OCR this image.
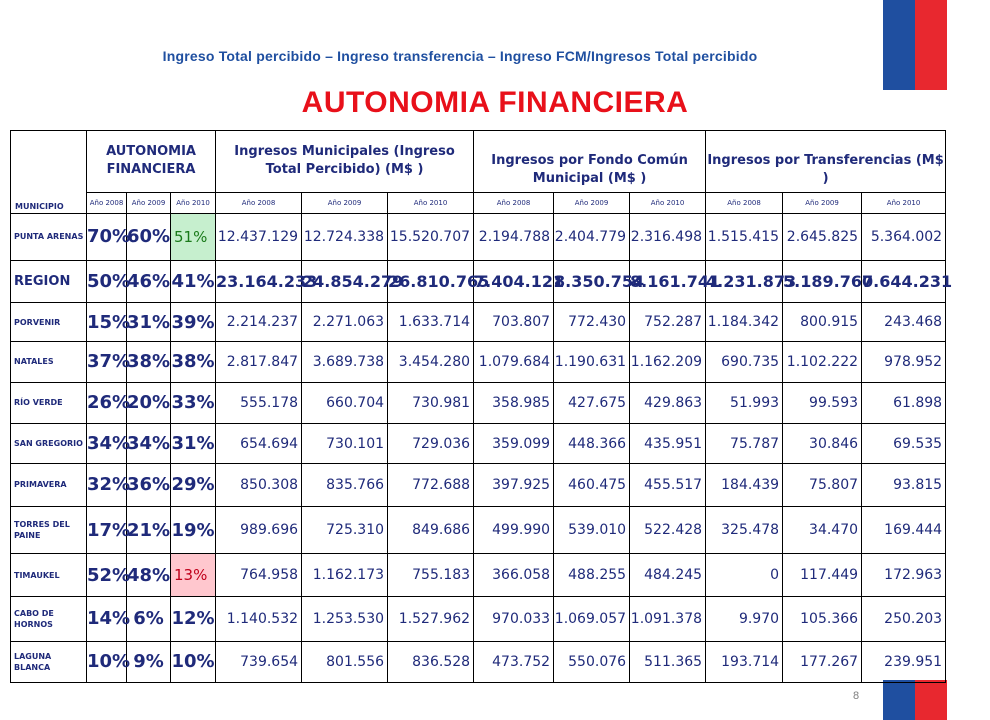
Ingreso Total percibido – Ingreso transferencia – Ingreso FCM/Ingresos Total percibido
AUTONOMIA FINANCIERA
MUNICIPIO	AUTONOMIA FINANCIERA			Ingresos Municipales (Ingreso Total Percibido) (M$ )			Ingresos por Fondo Común Municipal (M$ )			Ingresos por Transferencias (M$ )		
	Año 2008	Año 2009	Año 2010	Año 2008	Año 2009	Año 2010	Año 2008	Año 2009	Año 2010	Año 2008	Año 2009	Año 2010
PUNTA ARENAS	70%	60%	51%	12.437.129	12.724.338	15.520.707	2.194.788	2.404.779	2.316.498	1.515.415	2.645.825	5.364.002
REGION	50%	46%	41%	23.164.233	24.854.279	26.810.765	7.404.121	8.350.754	8.161.741	4.231.873	5.189.760	7.644.231
PORVENIR	15%	31%	39%	2.214.237	2.271.063	1.633.714	703.807	772.430	752.287	1.184.342	800.915	243.468
NATALES	37%	38%	38%	2.817.847	3.689.738	3.454.280	1.079.684	1.190.631	1.162.209	690.735	1.102.222	978.952
RÍO VERDE	26%	20%	33%	555.178	660.704	730.981	358.985	427.675	429.863	51.993	99.593	61.898
SAN GREGORIO	34%	34%	31%	654.694	730.101	729.036	359.099	448.366	435.951	75.787	30.846	69.535
PRIMAVERA	32%	36%	29%	850.308	835.766	772.688	397.925	460.475	455.517	184.439	75.807	93.815
TORRES DEL PAINE	17%	21%	19%	989.696	725.310	849.686	499.990	539.010	522.428	325.478	34.470	169.444
TIMAUKEL	52%	48%	13%	764.958	1.162.173	755.183	366.058	488.255	484.245	0	117.449	172.963
CABO DE HORNOS	14%	6%	12%	1.140.532	1.253.530	1.527.962	970.033	1.069.057	1.091.378	9.970	105.366	250.203
LAGUNA BLANCA	10%	9%	10%	739.654	801.556	836.528	473.752	550.076	511.365	193.714	177.267	239.951
8
